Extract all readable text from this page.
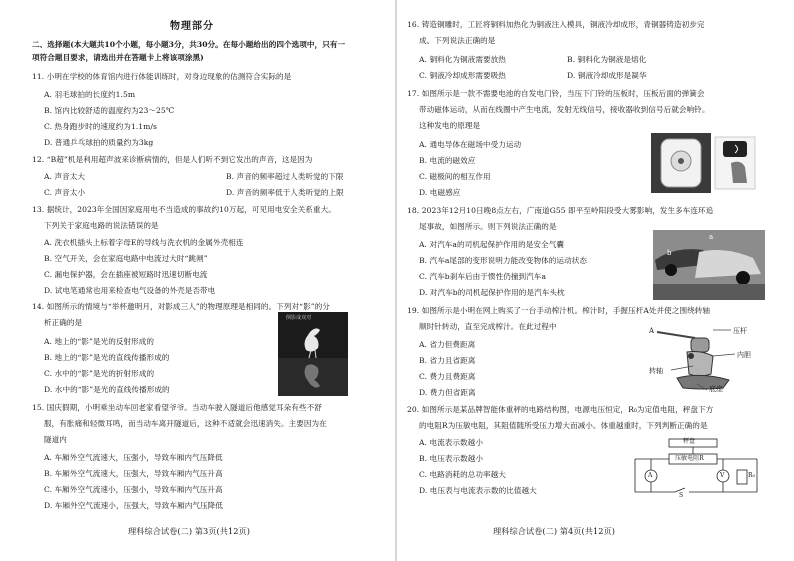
物理部分
二、选择题(本大题共10个小题，每小题3分，共30分。在每小题给出的四个选项中，只有一
项符合题目要求，请选出并在答题卡上将该项涂黑)
11. 小明在学校的体育馆内进行体能训练时，对身边现象的估测符合实际的是
A. 羽毛球拍的长度约1.5m
B. 馆内比较舒适的温度约为23～25℃
C. 热身跑步时的速度约为1.1m/s
D. 普通乒乓球拍的质量约为3kg
12. “B超”机是利用超声波来诊断病情的，但是人们听不到它发出的声音，这是因为
A. 声音太大	B. 声音的频率超过人类听觉的下限
C. 声音太小	D. 声音的频率低于人类听觉的上限
13. 据统计，2023年全国因家庭用电不当造成的事故约10万起，可见用电安全关系重大。
下列关于家庭电路的说法错误的是
A. 洗衣机插头上标着字母E的导线与洗衣机的金属外壳相连
B. 空气开关，会在家庭电路中电流过大时“跳闸”
C. 漏电保护器，会在插座被短路时迅速切断电流
D. 试电笔通常也用来检查电气设备的外壳是否带电
14. 如图所示的情境与“举杯邀明月，对影成三人”的物理原理是相同的。下列对“影”的分
析正确的是
A. 地上的“影”是光的反射形成的
B. 地上的“影”是光的直线传播形成的
C. 水中的“影”是光的折射形成的
D. 水中的“影”是光的直线传播形成的
倒影成双对
15. 国庆假期，小明乘坐动车回老家看望爷爷。当动车驶入隧道后他感觉耳朵有些不舒
服，有胀痛和轻微耳鸣，而当动车离开隧道后，这种不适就会迅速消失。主要因为在
隧道内
A. 车厢外空气流速大，压强小，导致车厢内气压降低
B. 车厢外空气流速大，压强大，导致车厢内气压升高
C. 车厢外空气流速小，压强小，导致车厢内气压升高
D. 车厢外空气流速小，压强大，导致车厢内气压降低
理科综合试卷(二) 第3页(共12页)
16. 铸造铜雕时，工匠将铜料加热化为铜液注入模具，铜液冷却成形，青铜器铸造初步完
成。下列说法正确的是
A. 铜料化为铜液需要放热	B. 铜料化为铜液是熔化
C. 铜液冷却成形需要吸热	D. 铜液冷却成形是凝华
17. 如图所示是一款不需要电池的自发电门铃，当压下门铃的压板时，压板后面的弹簧会
带动磁体运动，从而在线圈中产生电流，发射无线信号，接收器收到信号后就会响铃。
这种发电的原理是
A. 通电导体在磁场中受力运动
B. 电流的磁效应
C. 磁极间的相互作用
D. 电磁感应
18. 2023年12月10日晚8点左右，广南道G55 即平至岭阳段受大雾影响，发生多车连环追
尾事故，如图所示。则下列说法正确的是
A. 对汽车a的司机起保护作用的是安全气囊
B. 汽车a尾部的变形说明力能改变物体的运动状态
C. 汽车b刹车后由于惯性仍撞到汽车a
D. 对汽车b的司机起保护作用的是汽车头枕
a
b
19. 如图所示是小明在网上购买了一台手动榨汁机。榨汁时，手握压杆A处并使之围绕转轴
顺时针转动，直至完成榨汁。在此过程中
A. 省力但费距离
B. 省力且省距离
C. 费力且费距离
D. 费力但省距离
A	压杆
内胆
转轴
底座
20. 如图所示是某品牌智能体重秤的电路结构图，电源电压恒定，R₀为定值电阻，秤盘下方
的电阻R为压敏电阻，其阻值随所受压力增大而减小。体重越重时，下列判断正确的是
A. 电流表示数越小
B. 电压表示数越小
C. 电路消耗的总功率越大
D. 电压表与电流表示数的比值越大
秤盘
压敏电阻R
A	V	R₀
S
理科综合试卷(二) 第4页(共12页)
